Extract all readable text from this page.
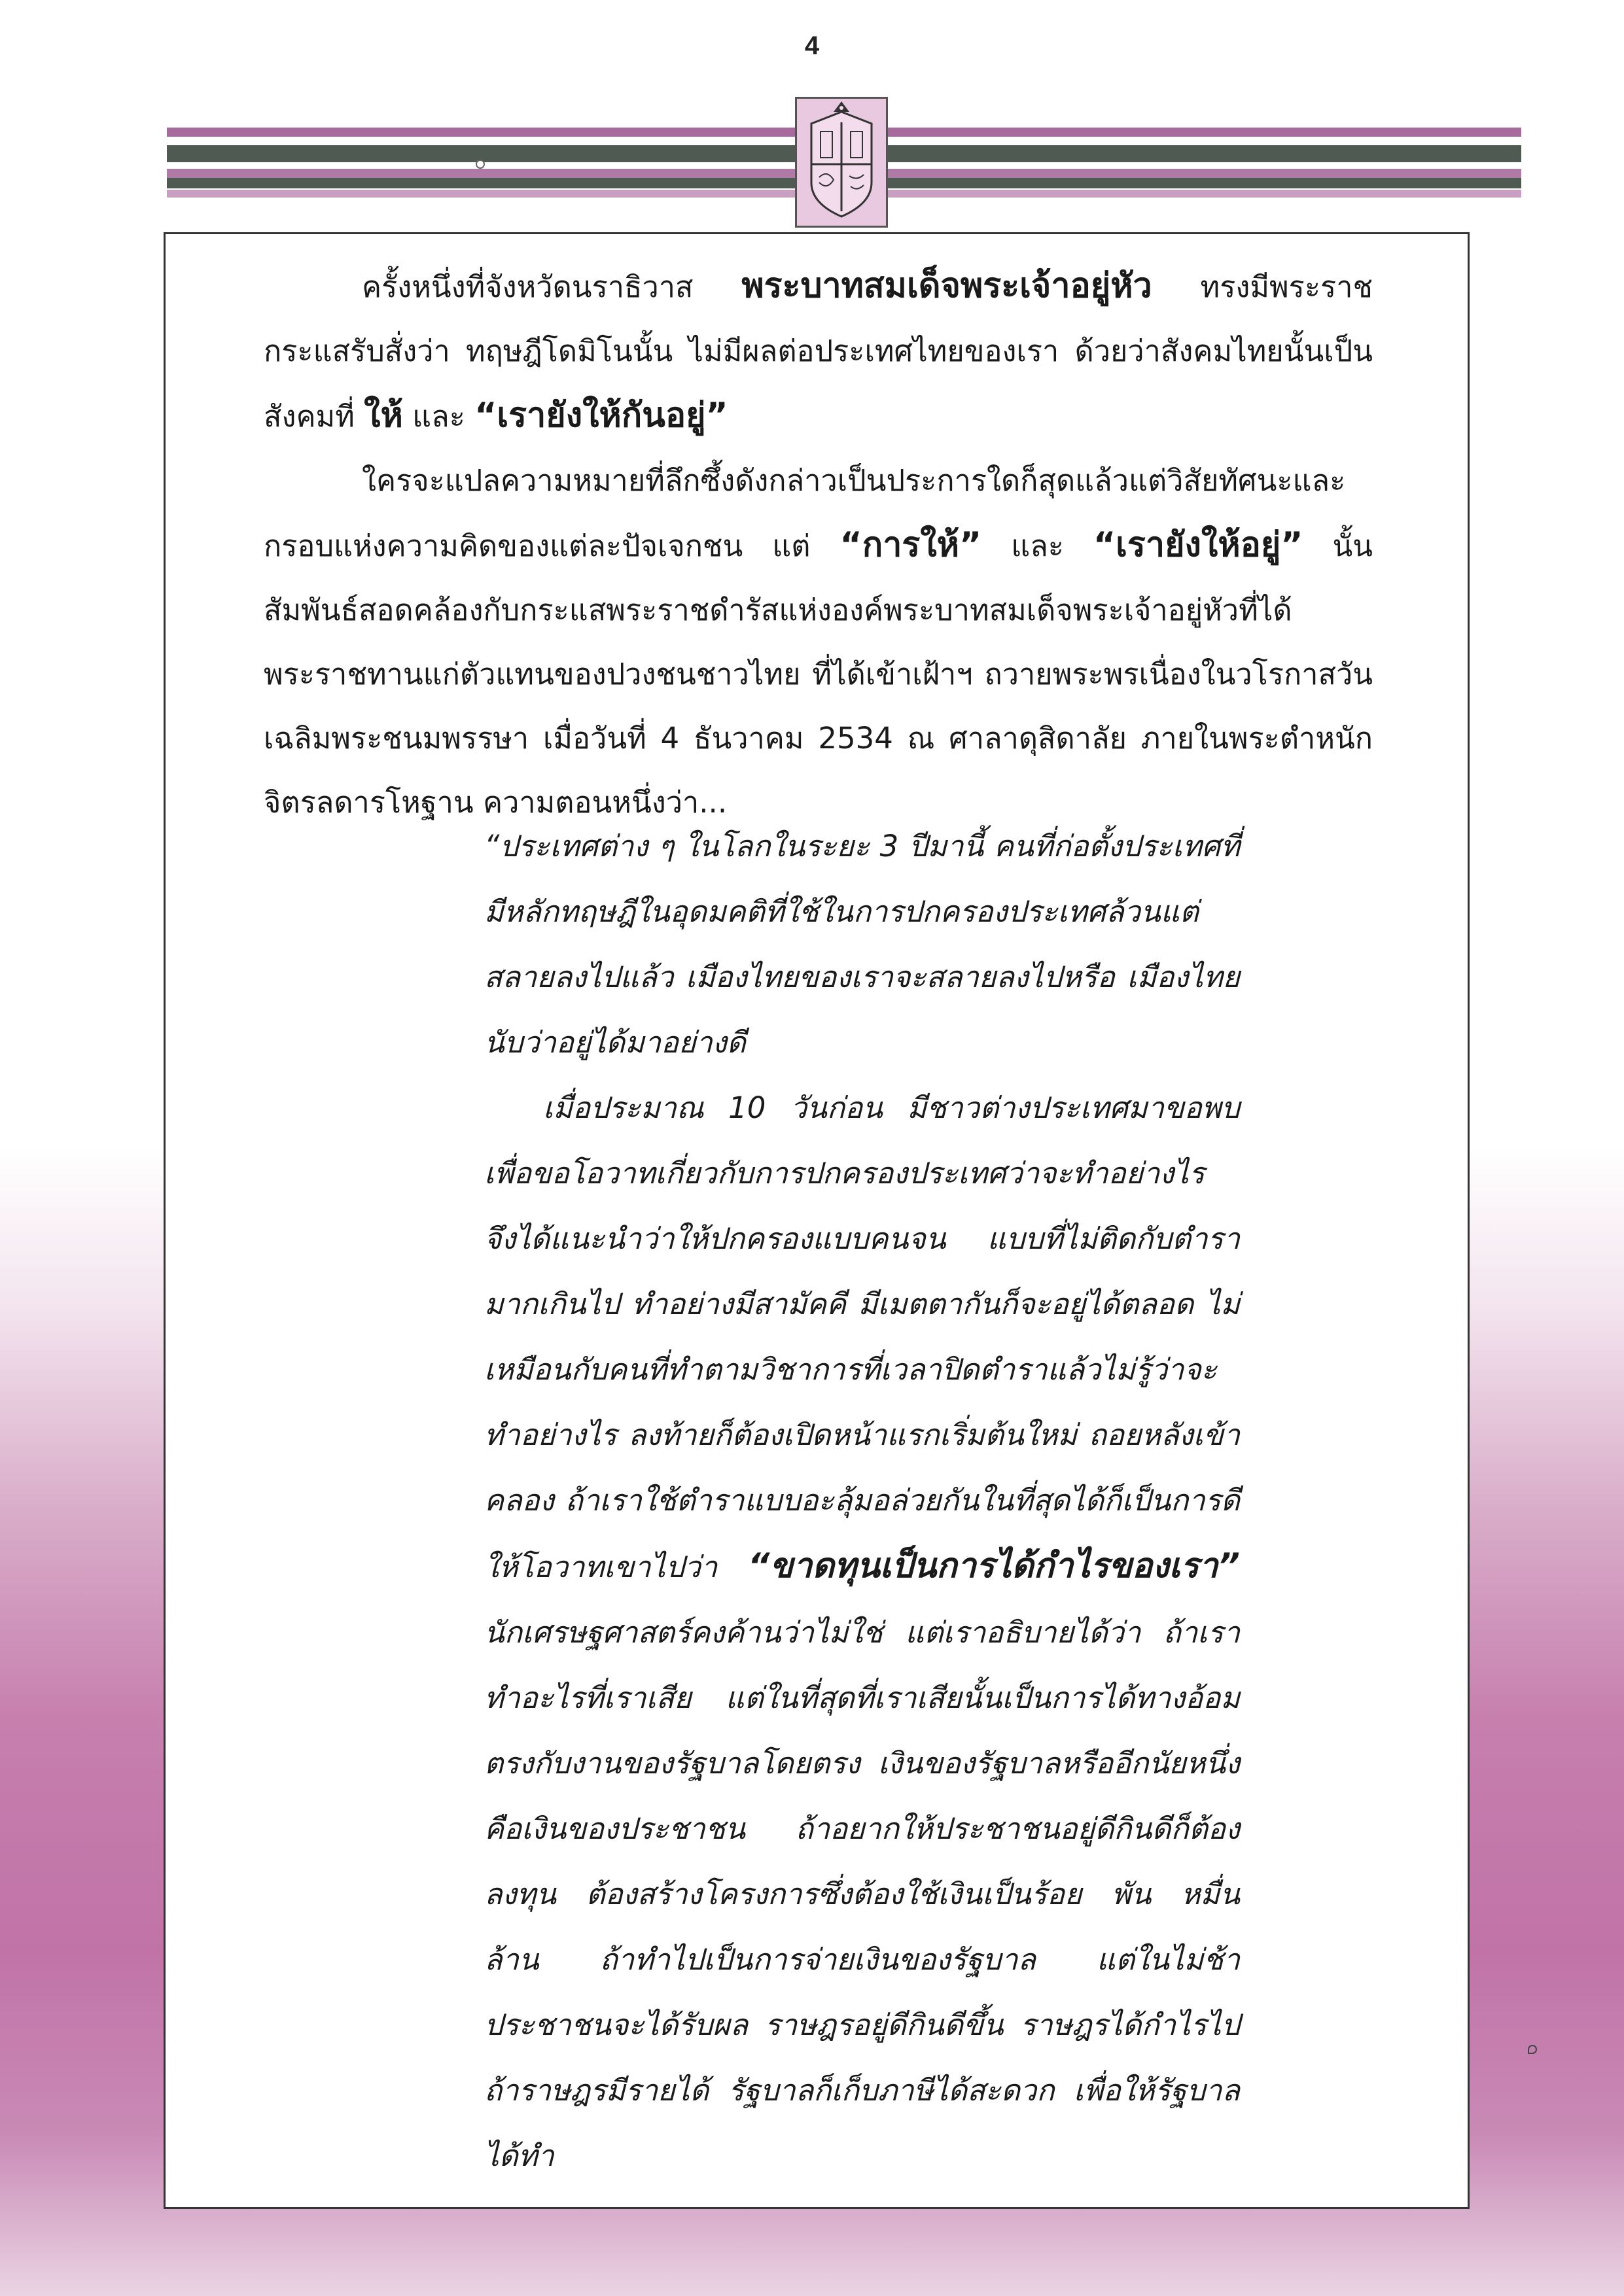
4

ครั้งหนึ่งที่จังหวัดนราธิวาส พระบาทสมเด็จพระเจ้าอยู่หัว ทรงมีพระราชกระแสรับสั่งว่า ทฤษฎีโดมิโนนั้น ไม่มีผลต่อประเทศไทยของเรา ด้วยว่าสังคมไทยนั้นเป็นสังคมที่ ให้ และ “เรายังให้กันอยู่”

ใครจะแปลความหมายที่ลึกซึ้งดังกล่าวเป็นประการใดก็สุดแล้วแต่วิสัยทัศนะและกรอบแห่งความคิดของแต่ละปัจเจกชน แต่ “การให้” และ “เรายังให้อยู่” นั้น สัมพันธ์สอดคล้องกับกระแสพระราชดำรัสแห่งองค์พระบาทสมเด็จพระเจ้าอยู่หัวที่ได้พระราชทานแก่ตัวแทนของปวงชนชาวไทย ที่ได้เข้าเฝ้าฯ ถวายพระพรเนื่องในวโรกาสวันเฉลิมพระชนมพรรษา เมื่อวันที่ 4 ธันวาคม 2534 ณ ศาลาดุสิดาลัย ภายในพระตำหนักจิตรลดารโหฐาน ความตอนหนึ่งว่า...

“ประเทศต่าง ๆ ในโลกในระยะ 3 ปีมานี้ คนที่ก่อตั้งประเทศที่มีหลักทฤษฎีในอุดมคติที่ใช้ในการปกครองประเทศล้วนแต่สลายลงไปแล้ว เมืองไทยของเราจะสลายลงไปหรือ เมืองไทยนับว่าอยู่ได้มาอย่างดี

เมื่อประมาณ 10 วันก่อน มีชาวต่างประเทศมาขอพบเพื่อขอโอวาทเกี่ยวกับการปกครองประเทศว่าจะทำอย่างไร จึงได้แนะนำว่าให้ปกครองแบบคนจน แบบที่ไม่ติดกับตำรามากเกินไป ทำอย่างมีสามัคคี มีเมตตากันก็จะอยู่ได้ตลอด ไม่เหมือนกับคนที่ทำตามวิชาการที่เวลาปิดตำราแล้วไม่รู้ว่าจะทำอย่างไร ลงท้ายก็ต้องเปิดหน้าแรกเริ่มต้นใหม่ ถอยหลังเข้าคลอง ถ้าเราใช้ตำราแบบอะลุ้มอล่วยกันในที่สุดได้ก็เป็นการดี ให้โอวาทเขาไปว่า “ขาดทุนเป็นการได้กำไรของเรา” นักเศรษฐศาสตร์คงค้านว่าไม่ใช่ แต่เราอธิบายได้ว่า ถ้าเราทำอะไรที่เราเสีย แต่ในที่สุดที่เราเสียนั้นเป็นการได้ทางอ้อม ตรงกับงานของรัฐบาลโดยตรง เงินของรัฐบาลหรืออีกนัยหนึ่งคือเงินของประชาชน ถ้าอยากให้ประชาชนอยู่ดีกินดีก็ต้องลงทุน ต้องสร้างโครงการซึ่งต้องใช้เงินเป็นร้อย พัน หมื่น ล้าน ถ้าทำไปเป็นการจ่ายเงินของรัฐบาล แต่ในไม่ช้าประชาชนจะได้รับผล ราษฎรอยู่ดีกินดีขึ้น ราษฎรได้กำไรไป ถ้าราษฎรมีรายได้ รัฐบาลก็เก็บภาษีได้สะดวก เพื่อให้รัฐบาลได้ทำ
